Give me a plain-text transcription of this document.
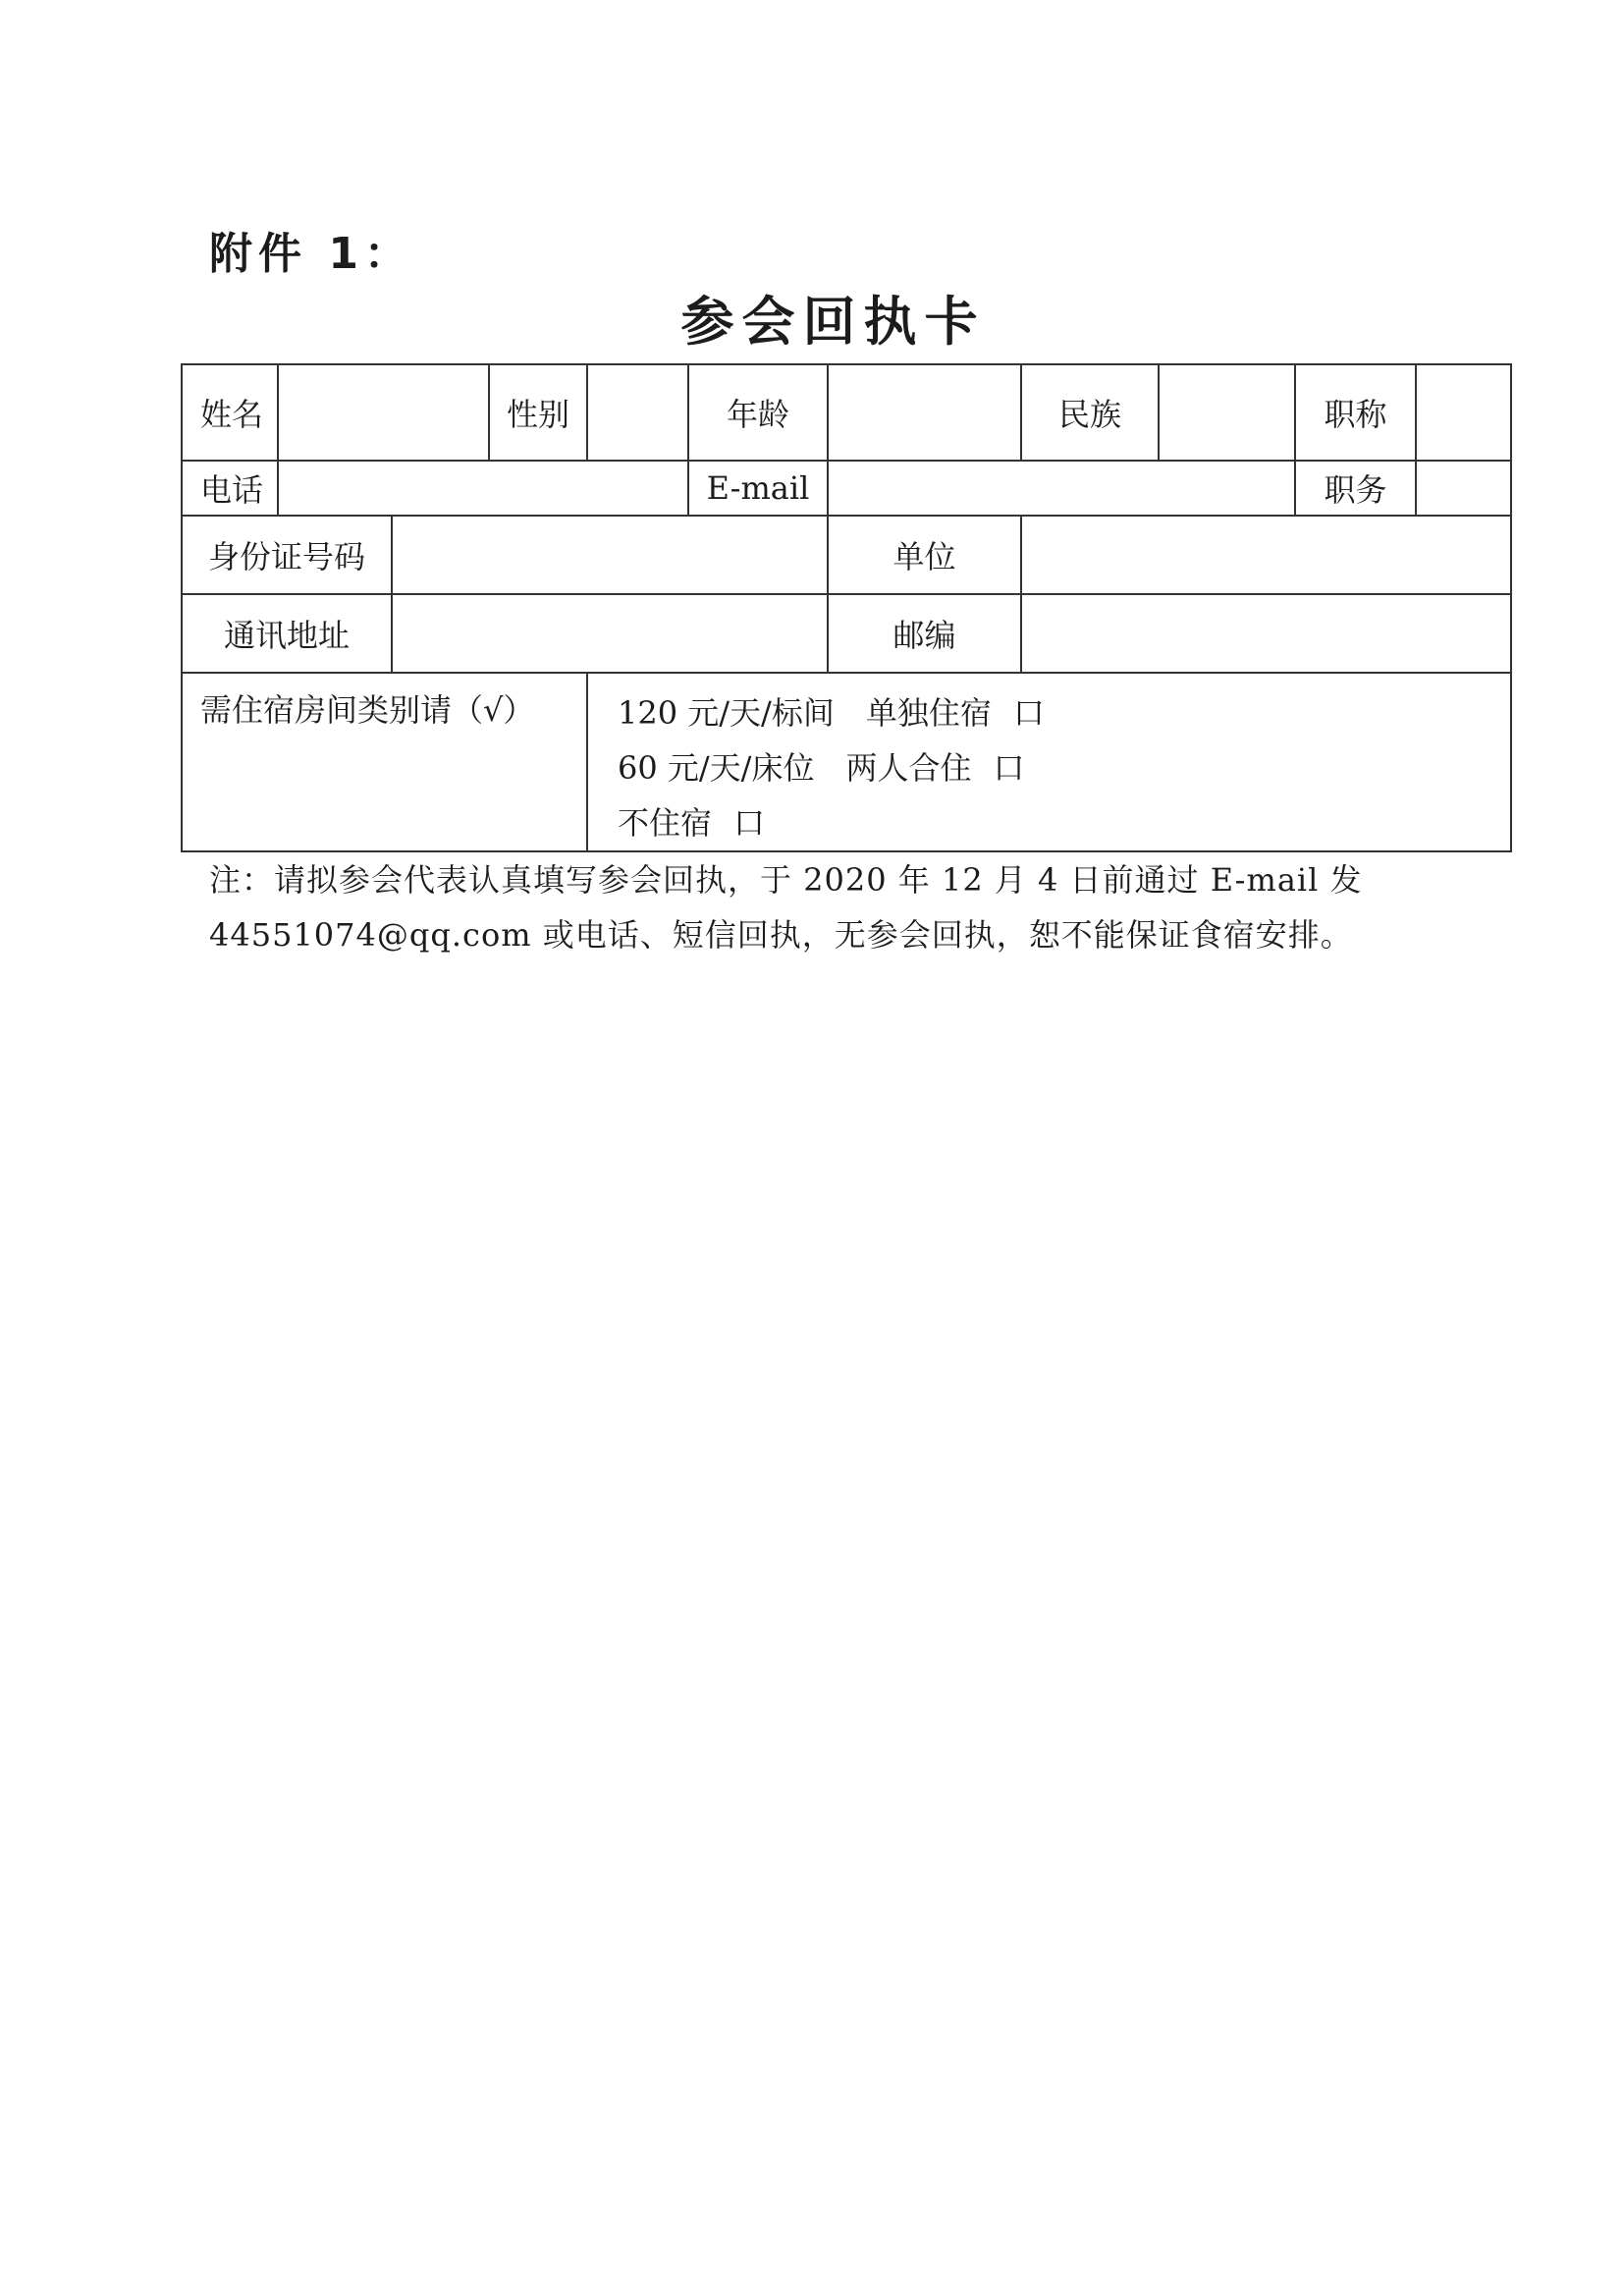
附件 1：
参会回执卡
姓名			性别		年龄		民族		职称

电话					E-mail				职务

身份证号码						单位			
通讯地址						邮编			
需住宿房间类别请（√）				120 元/天/标间　单独住宿 口
60 元/天/床位　两人合住 口
不住宿 口					

注：请拟参会代表认真填写参会回执，于 2020 年 12 月 4 日前通过 E-mail 发

44551074@qq.com 或电话、短信回执，无参会回执，恕不能保证食宿安排。
